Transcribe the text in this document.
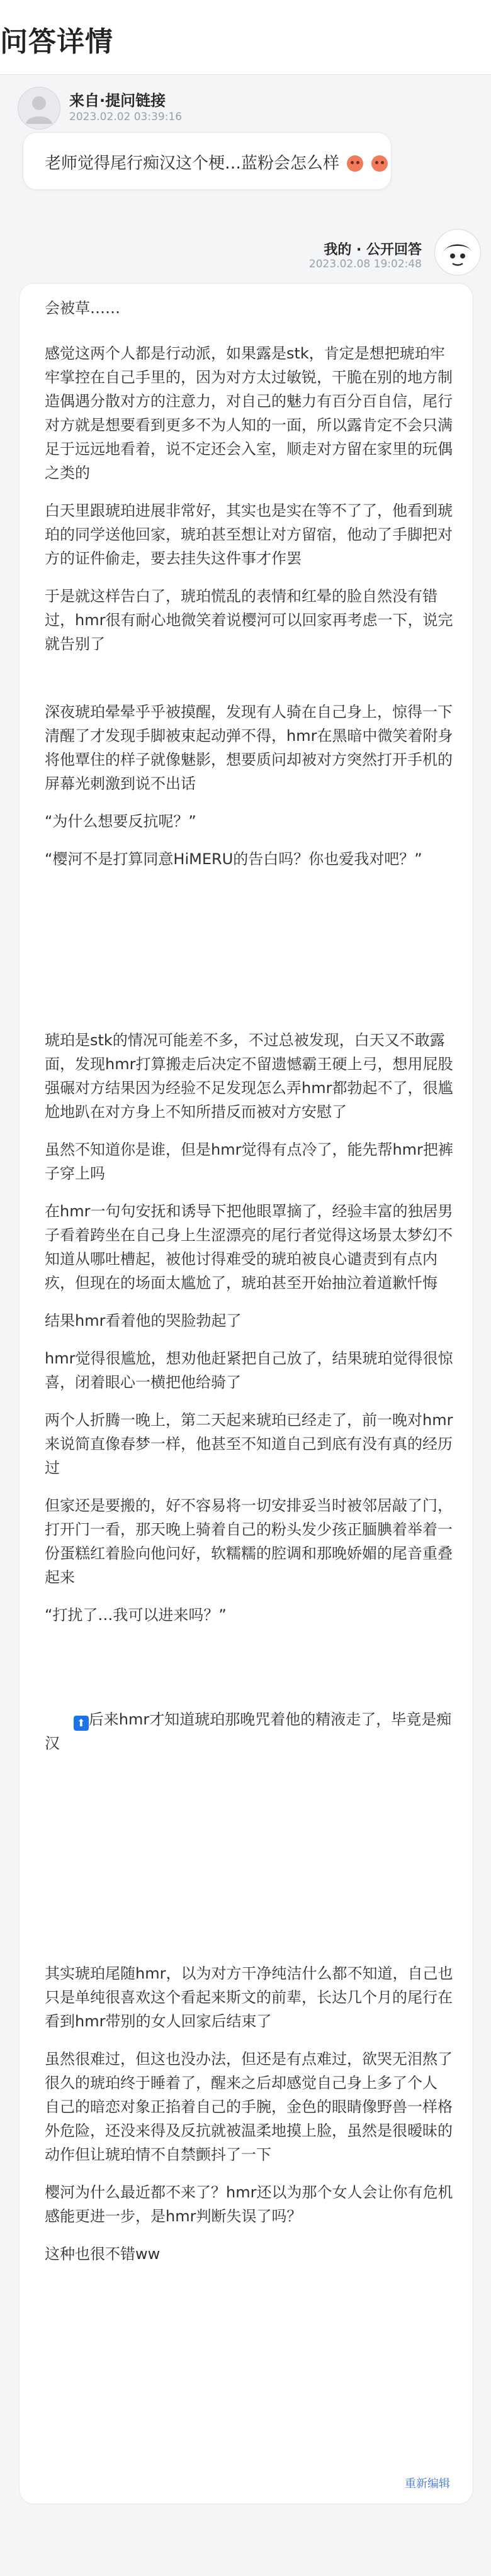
问答详情
来自·提问链接
2023.02.02 03:39:16
老师觉得尾行痴汉这个梗…蓝粉会怎么样
我的 · 公开回答
2023.02.08 19:02:48

会被草……

感觉这两个人都是行动派，如果露是stk，肯定是想把琥珀牢牢掌控在自己手里的，因为对方太过敏锐，干脆在别的地方制造偶遇分散对方的注意力，对自己的魅力有百分百自信，尾行对方就是想要看到更多不为人知的一面，所以露肯定不会只满足于远远地看着，说不定还会入室，顺走对方留在家里的玩偶之类的

白天里跟琥珀进展非常好，其实也是实在等不了了，他看到琥珀的同学送他回家，琥珀甚至想让对方留宿，他动了手脚把对方的证件偷走，要去挂失这件事才作罢

于是就这样告白了，琥珀慌乱的表情和红晕的脸自然没有错过，hmr很有耐心地微笑着说樱河可以回家再考虑一下，说完就告别了

深夜琥珀晕晕乎乎被摸醒，发现有人骑在自己身上，惊得一下清醒了才发现手脚被束起动弹不得，hmr在黑暗中微笑着附身将他覃住的样子就像魅影，想要质问却被对方突然打开手机的屏幕光刺激到说不出话

“为什么想要反抗呢？”

“樱河不是打算同意HiMERU的告白吗？你也爱我对吧？”

琥珀是stk的情况可能差不多，不过总被发现，白天又不敢露面，发现hmr打算搬走后决定不留遗憾霸王硬上弓，想用屁股强碾对方结果因为经验不足发现怎么弄hmr都勃起不了，很尴尬地趴在对方身上不知所措反而被对方安慰了

虽然不知道你是谁，但是hmr觉得有点冷了，能先帮hmr把裤子穿上吗

在hmr一句句安抚和诱导下把他眼罩摘了，经验丰富的独居男子看着跨坐在自己身上生涩漂亮的尾行者觉得这场景太梦幻不知道从哪吐槽起，被他讨得难受的琥珀被良心谴责到有点内疚，但现在的场面太尴尬了，琥珀甚至开始抽泣着道歉忏悔

结果hmr看着他的哭脸勃起了

hmr觉得很尴尬，想劝他赶紧把自己放了，结果琥珀觉得很惊喜，闭着眼心一横把他给骑了

两个人折腾一晚上，第二天起来琥珀已经走了，前一晚对hmr来说简直像春梦一样，他甚至不知道自己到底有没有真的经历过

但家还是要搬的，好不容易将一切安排妥当时被邻居敲了门，打开门一看，那天晚上骑着自己的粉头发少孩正腼腆着举着一份蛋糕红着脸向他问好，软糯糯的腔调和那晚娇媚的尾音重叠起来

“打扰了…我可以进来吗？”

⬆ 后来hmr才知道琥珀那晚咒着他的精液走了，毕竟是痴汉

其实琥珀尾随hmr，以为对方干净纯洁什么都不知道，自己也只是单纯很喜欢这个看起来斯文的前辈，长达几个月的尾行在看到hmr带别的女人回家后结束了

虽然很难过，但这也没办法，但还是有点难过，欲哭无泪熬了很久的琥珀终于睡着了，醒来之后却感觉自己身上多了个人
自己的暗恋对象正掐着自己的手腕，金色的眼睛像野兽一样格外危险，还没来得及反抗就被温柔地摸上脸，虽然是很暧昧的动作但让琥珀情不自禁颤抖了一下

樱河为什么最近都不来了？hmr还以为那个女人会让你有危机感能更进一步，是hmr判断失误了吗？

这种也很不错ww

重新编辑
